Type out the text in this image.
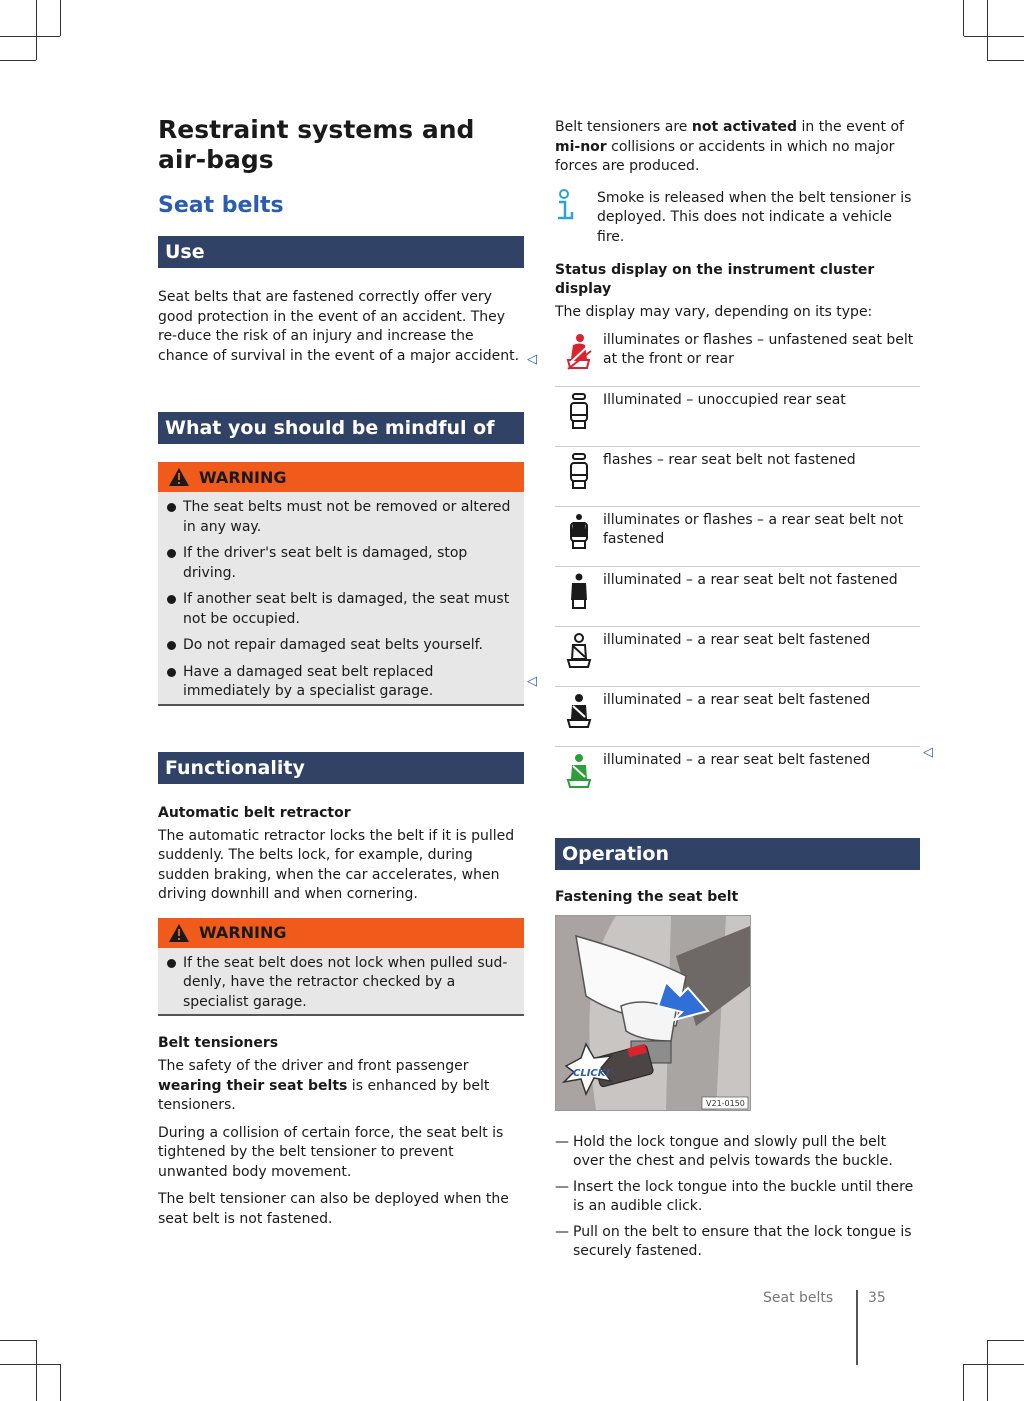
Restraint systems and air-bags
Seat belts
Use

Seat belts that are fastened correctly offer very good protection in the event of an accident. They re-duce the risk of an injury and increase the chance of survival in the event of a major accident.

What you should be mindful of
WARNING
The seat belts must not be removed or altered in any way.
If the driver's seat belt is damaged, stop driving.
If another seat belt is damaged, the seat must not be occupied.
Do not repair damaged seat belts yourself.
Have a damaged seat belt replaced immediately by a specialist garage.
Functionality
Automatic belt retractor

The automatic retractor locks the belt if it is pulled suddenly. The belts lock, for example, during sudden braking, when the car accelerates, when driving downhill and when cornering.

WARNING
If the seat belt does not lock when pulled sud-denly, have the retractor checked by a specialist garage.
Belt tensioners

The safety of the driver and front passenger wearing their seat belts is enhanced by belt tensioners.

During a collision of certain force, the seat belt is tightened by the belt tensioner to prevent unwanted body movement.

The belt tensioner can also be deployed when the seat belt is not fastened.

◁
◁
◁

Belt tensioners are not activated in the event of mi-nor collisions or accidents in which no major forces are produced.

Smoke is released when the belt tensioner is deployed. This does not indicate a vehicle fire.
Status display on the instrument cluster display

The display may vary, depending on its type:

illuminates or flashes – unfastened seat belt at the front or rear
Illuminated – unoccupied rear seat
flashes – rear seat belt not fastened
illuminates or flashes – a rear seat belt not fastened
illuminated – a rear seat belt not fastened
illuminated – a rear seat belt fastened
illuminated – a rear seat belt fastened
illuminated – a rear seat belt fastened
Operation
Fastening the seat belt
CLICK!
V21-0150
— Hold the lock tongue and slowly pull the belt over the chest and pelvis towards the buckle.
— Insert the lock tongue into the buckle until there is an audible click.
— Pull on the belt to ensure that the lock tongue is securely fastened.
Seat belts 35
